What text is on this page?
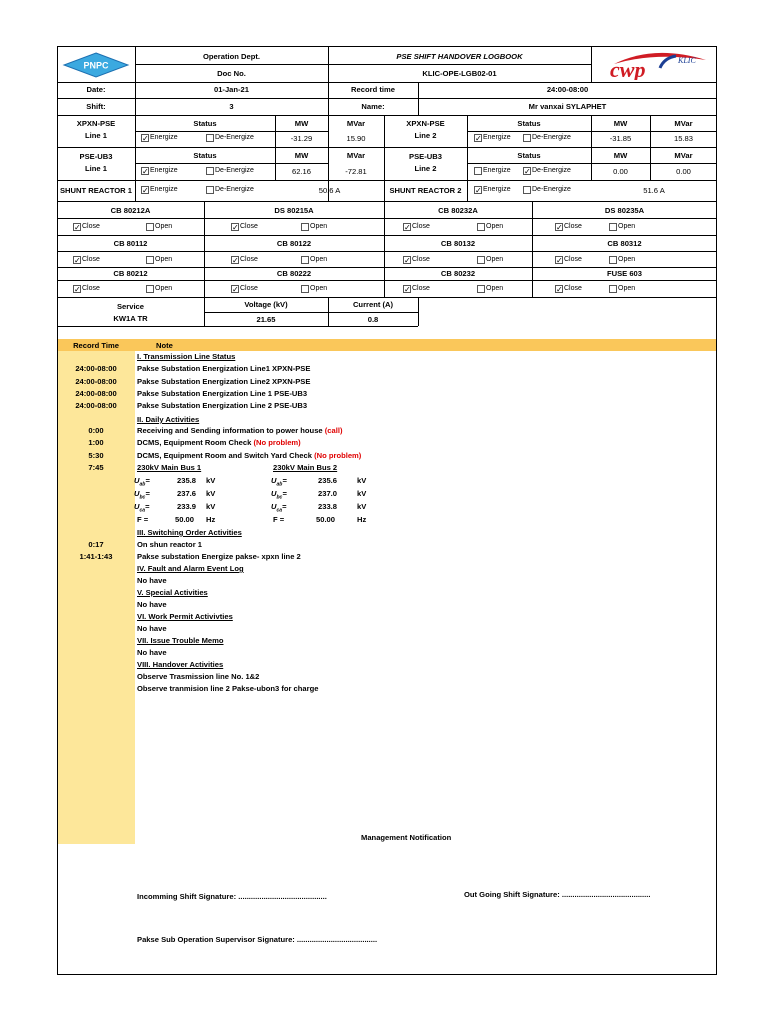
PNPC
Operation Dept.	PSE SHIFT HANDOVER LOGBOOK
Doc No.	KLIC-OPE-LGB02-01	cwp	KLIC
Date:	01-Jan-21	Record time	24:00-08:00
Shift:	3	Name:	Mr vanxai SYLAPHET
XPXN-PSE
Line 1
Status	MW	MVar
✓ Energize	De-Energize	-31.29	15.90
XPXN-PSE
Line 2
Status	MW	MVar
✓ Energize	De-Energize	-31.85	15.83
PSE-UB3
Line 1
Status	MW	MVar
✓ Energize	De-Energize	62.16	-72.81
PSE-UB3
Line 2
Status	MW	MVar
Energize ✓ De-Energize	0.00	0.00
SHUNT REACTOR 1	✓ Energize	De-Energize	50.6 A	SHUNT REACTOR 2	✓ Energize	De-Energize	51.6 A
CB 80212A	DS 80215A	CB 80232A	DS 80235A
✓ Close	Open	✓ Close	Open	✓ Close	Open	✓ Close	Open
CB 80112	CB 80122	CB 80132	CB 80312
✓ Close	Open	✓ Close	Open	✓ Close	Open	✓ Close	Open
CB 80212	CB 80222	CB 80232	FUSE 603
✓ Close	Open	✓ Close	Open	✓ Close	Open	✓ Close	Open
Service
KW1A TR
Voltage (kV)	Current (A)
21.65	0.8
Record Time	Note
I. Transmission Line Status
24:00-08:00	Pakse Substation Energization Line1 XPXN-PSE
24:00-08:00	Pakse Substation Energization Line2 XPXN-PSE
24:00-08:00	Pakse Substation Energization Line 1 PSE-UB3
24:00-08:00	Pakse Substation Energization Line 2 PSE-UB3
II. Daily Activities
0:00	Receiving and Sending information to power house (call)
1:00	DCMS, Equipment Room Check (No problem)
5:30	DCMS, Equipment Room and Switch Yard Check (No problem)
7:45	230kV Main Bus 1	230kV Main Bus 2
$U_{ab}=$	235.8 kV	$U_{ab}=$	235.6	kV
$U_{bc}=$	237.6 kV	$U_{bc}=$	237.0	kV
$U_{ca}=$	233.9 kV	$U_{ca}=$	233.8	kV
F =	50.00 Hz	F =	50.00	Hz
III. Switching Order Activities
0:17	On shun reactor 1
1:41-1:43	Pakse substation Energize pakse- xpxn line 2
IV. Fault and Alarm Event Log
No have
V. Special Activities
No have
VI. Work Permit Activivties
No have
VII. Issue Trouble Memo
No have
VIII. Handover Activities
Observe Trasmission line No. 1&2
Observe tranmision line 2 Pakse-ubon3 for charge
Management Notification
Incomming Shift Signature: ..........................................	Out Going Shift Signature: ..........................................
Pakse Sub Operation Supervisor Signature: ......................................
